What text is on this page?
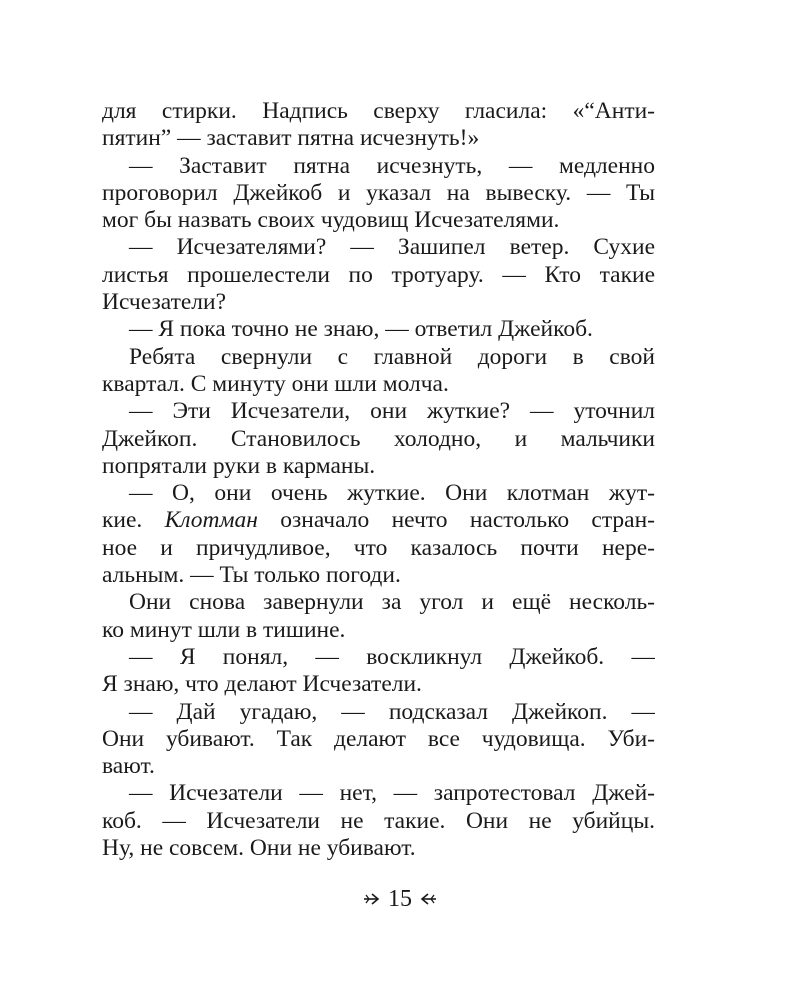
для стирки. Надпись сверху гласила: «“Анти-
пятин” — заставит пятна исчезнуть!»
— Заставит пятна исчезнуть, — медленно
проговорил Джейкоб и указал на вывеску. — Ты
мог бы назвать своих чудовищ Исчезателями.
— Исчезателями? — Зашипел ветер. Сухие
листья прошелестели по тротуару. — Кто такие
Исчезатели?
— Я пока точно не знаю, — ответил Джейкоб.
Ребята свернули с главной дороги в свой
квартал. С минуту они шли молча.
— Эти Исчезатели, они жуткие? — уточнил
Джейкоп. Становилось холодно, и мальчики
попрятали руки в карманы.
— О, они очень жуткие. Они клотман жут-
кие. Клотман означало нечто настолько стран-
ное и причудливое, что казалось почти нере-
альным. — Ты только погоди.
Они снова завернули за угол и ещё несколь-
ко минут шли в тишине.
— Я понял, — воскликнул Джейкоб. —
Я знаю, что делают Исчезатели.
— Дай угадаю, — подсказал Джейкоп. —
Они убивают. Так делают все чудовища. Уби-
вают.
— Исчезатели — нет, — запротестовал Джей-
коб. — Исчезатели не такие. Они не убийцы.
Ну, не совсем. Они не убивают.
15
